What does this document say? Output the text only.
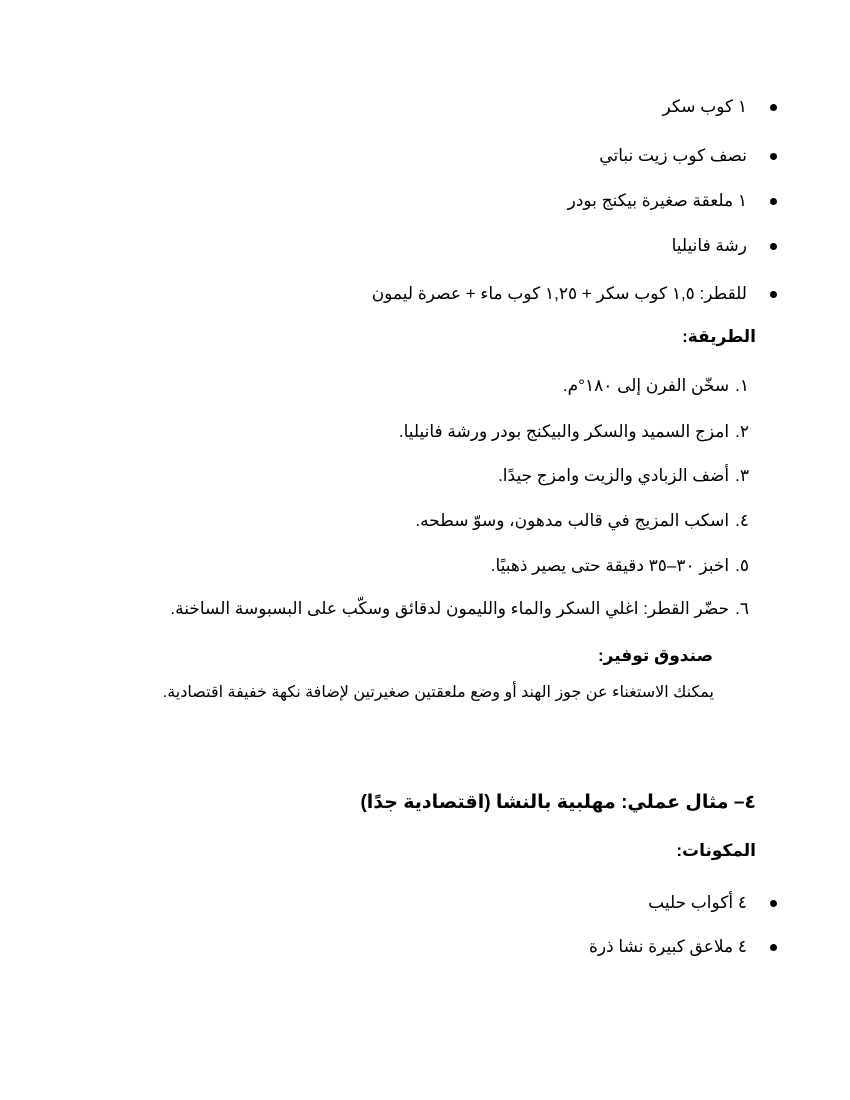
١ كوب سكر
نصف كوب زيت نباتي
١ ملعقة صغيرة بيكنج بودر
رشة فانيليا
للقطر: ١,٥ كوب سكر + ١,٢٥ كوب ماء + عصرة ليمون
الطريقة:
١.سخّن الفرن إلى ١٨٠°م.
٢.امزج السميد والسكر والبيكنج بودر ورشة فانيليا.
٣.أضف الزبادي والزيت وامزج جيدًا.
٤.اسكب المزيج في قالب مدهون، وسوّ سطحه.
٥.اخبز ٣٠–٣٥ دقيقة حتى يصير ذهبيًا.
٦.حضّر القطر: اغلي السكر والماء والليمون لدقائق وسكّب على البسبوسة الساخنة.
صندوق توفير:
يمكنك الاستغناء عن جوز الهند أو وضع ملعقتين صغيرتين لإضافة نكهة خفيفة اقتصادية.
٤– مثال عملي: مهلبية بالنشا (اقتصادية جدًا)
المكونات:
٤ أكواب حليب
٤ ملاعق كبيرة نشا ذرة
